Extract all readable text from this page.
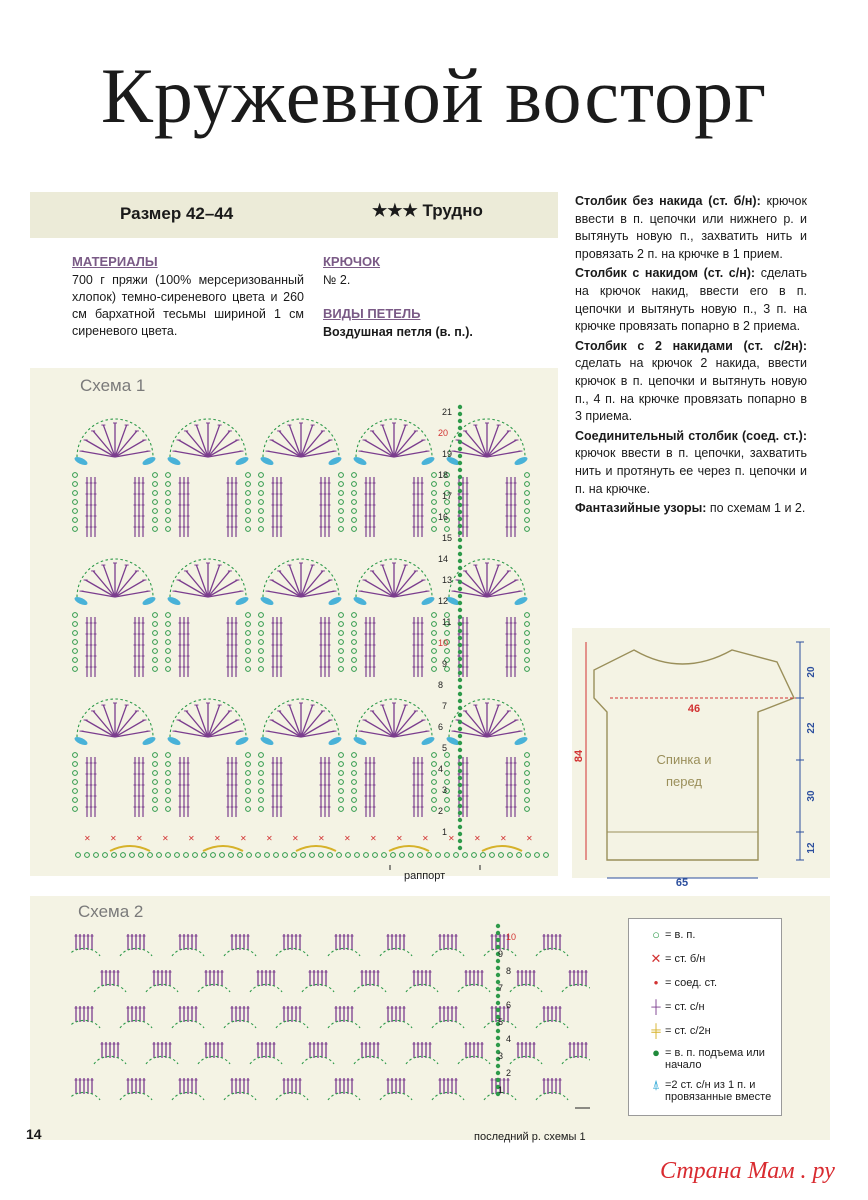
Кружевной восторг
Размер 42–44	★★★ Трудно
МАТЕРИАЛЫ
700 г пряжи (100% мерсеризованный хлопок) темно-сиреневого цвета и 260 см бархатной тесьмы шириной 1 см сиреневого цвета.
КРЮЧОК
№ 2.
ВИДЫ ПЕТЕЛЬ
Воздушная петля (в. п.).

Столбик без накида (ст. б/н): крючок ввести в п. цепочки или нижнего р. и вытянуть новую п., захватить нить и провязать 2 п. на крючке в 1 прием.

Столбик с накидом (ст. с/н): сделать на крючок накид, ввести его в п. цепочки и вытянуть новую п., 3 п. на крючке провязать попарно в 2 приема.

Столбик с 2 накидами (ст. с/2н): сделать на крючок 2 накида, ввести крючок в п. цепочки и вытянуть новую п., 4 п. на крючке провязать попарно в 3 приема.

Соединительный столбик (соед. ст.): крючок ввести в п. цепочки, захватить нить и протянуть ее через п. цепочки и п. на крючке.

Фантазийные узоры: по схемам 1 и 2.

Схема 1
Схема 2
✕ ✕ ✕ ✕ ✕ ✕ ✕ ✕ ✕ ✕ ✕ ✕ ✕ ✕ ✕ ✕ ✕ ✕
21
20
19
18
17
16
15
14
13
12
11
10
9
8
7
6
5
4
3
2
1
10
9
8
7
6
5
4
3
2
1
раппорт
последний р. схемы 1
46
65
84
20
22
30
12
Спинка и перед
○ = в. п.
✕ = ст. б/н
• = соед. ст.
┼ = ст. с/н
╪ = ст. с/2н
● = в. п. подъема или начало
⍋ =2 ст. с/н из 1 п. и провязанные вместе
14
Страна Мам . ру
